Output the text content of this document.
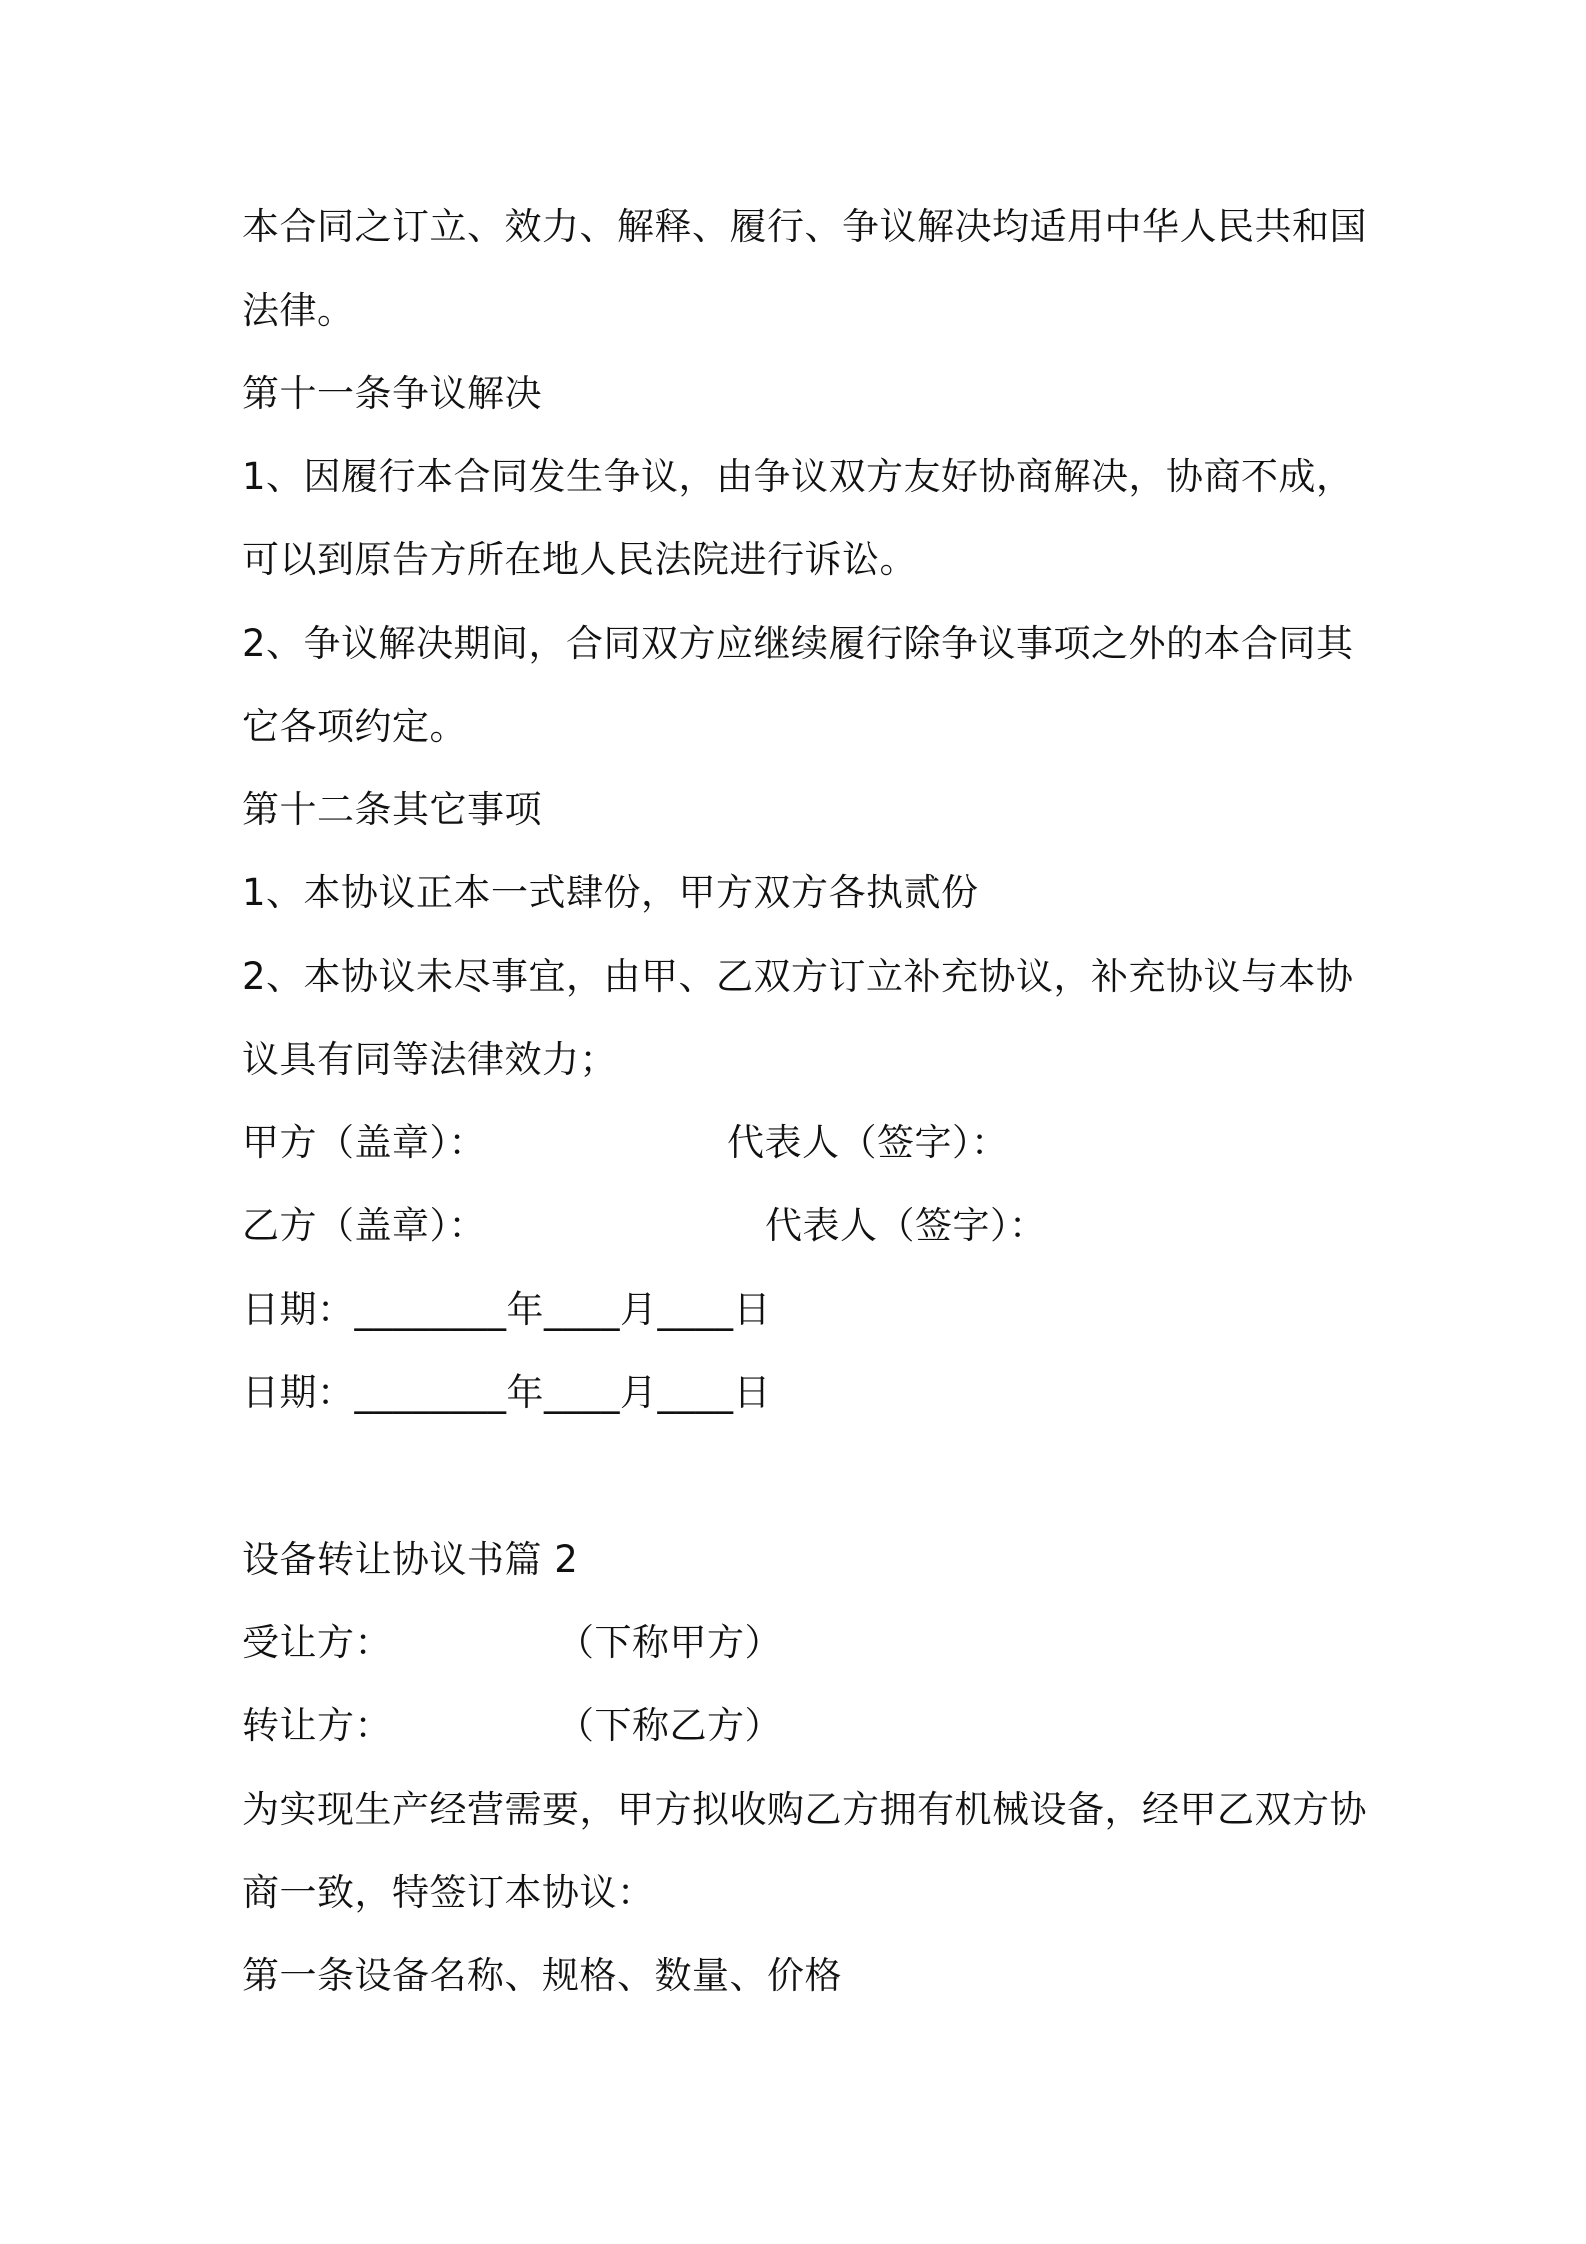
本合同之订立、效力、解释、履行、争议解决均适用中华人民共和国
法律。
第十一条争议解决
1、因履行本合同发生争议，由争议双方友好协商解决，协商不成，
可以到原告方所在地人民法院进行诉讼。
2、争议解决期间，合同双方应继续履行除争议事项之外的本合同其
它各项约定。
第十二条其它事项
1、本协议正本一式肆份，甲方双方各执贰份
2、本协议未尽事宜，由甲、乙双方订立补充协议，补充协议与本协
议具有同等法律效力；
甲方（盖章）：	代表人（签字）：
乙方（盖章）：	代表人（签字）：
日期：________年____月____日
日期：________年____月____日
设备转让协议书篇 2
受让方：	（下称甲方）
转让方：	（下称乙方）
为实现生产经营需要，甲方拟收购乙方拥有机械设备，经甲乙双方协
商一致，特签订本协议：
第一条设备名称、规格、数量、价格
